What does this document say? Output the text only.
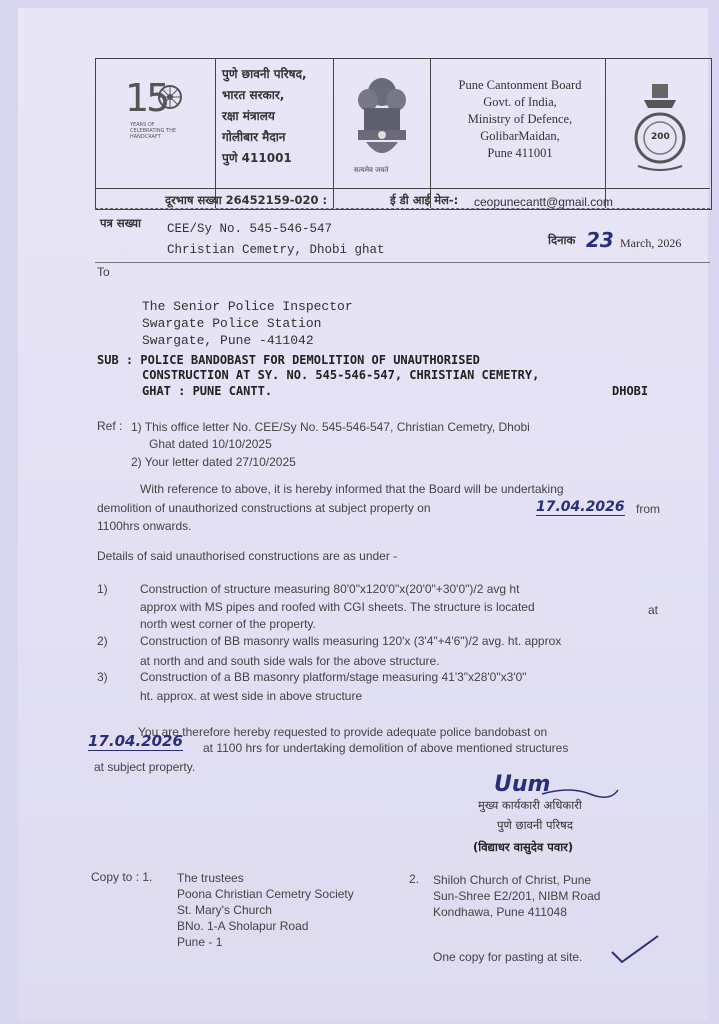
15
YEARS OF CELEBRATING THE HANDCRAFT
पुणे छावनी परिषद,
भारत सरकार,
रक्षा मंत्रालय
गोलीबार मैदान
पुणे 411001
सत्यमेव जयते
Pune Cantonment Board
Govt. of India,
Ministry of Defence,
GolibarMaidan,
Pune 411001
200
दूरभाष सख्या 26452159-020 :	ई डी आई मेल-: ceopunecantt@gmail.com
पत्र सख्या CEE/Sy No. 545-546-547
Christian Cemetry, Dhobi ghat
दिनाक 23 March, 2026
To
The Senior Police Inspector
Swargate Police Station
Swargate, Pune -411042
SUB : POLICE BANDOBAST FOR DEMOLITION OF UNAUTHORISED
CONSTRUCTION AT SY. NO. 545-546-547, CHRISTIAN CEMETRY,
DHOBI
GHAT : PUNE CANTT.
Ref : 1) This office letter No. CEE/Sy No. 545-546-547, Christian Cemetry, Dhobi
Ghat dated 10/10/2025
2) Your letter dated 27/10/2025
With reference to above, it is hereby informed that the Board will be undertaking
demolition of unauthorized constructions at subject property on	17.04.2026 from
1100hrs onwards.
Details of said unauthorised constructions are as under -
1)	Construction of structure measuring 80'0"x120'0"x(20'0"+30'0")/2 avg ht
approx with MS pipes and roofed with CGI sheets. The structure is located	at
north west corner of the property.
2)	Construction of BB masonry walls measuring 120'x (3'4"+4'6")/2 avg. ht. approx
at north and and south side wals for the above structure.
3)	Construction of a BB masonry platform/stage measuring 41'3"x28'0"x3'0"
ht. approx. at west side in above structure
You are therefore hereby requested to provide adequate police bandobast on
17.04.2026 at 1100 hrs for undertaking demolition of above mentioned structures
at subject property.
Uum
मुख्य कार्यकारी अधिकारी
पुणे छावनी परिषद
(विद्याधर वासुदेव पवार)
Copy to : 1. The trustees
Poona Christian Cemetry Society
St. Mary's Church
BNo. 1-A Sholapur Road
Pune - 1
2. Shiloh Church of Christ, Pune
Sun-Shree E2/201, NIBM Road
Kondhawa, Pune 411048
One copy for pasting at site.
